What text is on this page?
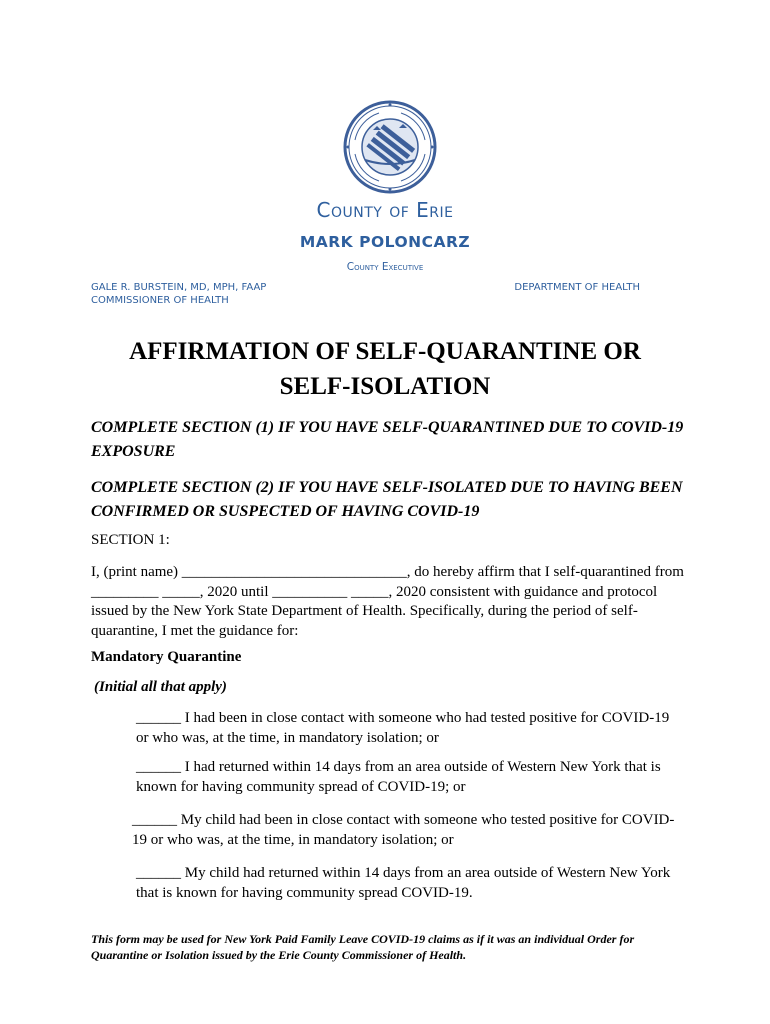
County of Erie
MARK POLONCARZ
County Executive
GALE R. BURSTEIN, MD, MPH, FAAP
COMMISSIONER OF HEALTH
DEPARTMENT OF HEALTH
AFFIRMATION OF SELF-QUARANTINE OR
SELF-ISOLATION
COMPLETE SECTION (1) IF YOU HAVE SELF-QUARANTINED DUE TO COVID-19 EXPOSURE
COMPLETE SECTION (2) IF YOU HAVE SELF-ISOLATED DUE TO HAVING BEEN CONFIRMED OR SUSPECTED OF HAVING COVID-19
SECTION 1:
I, (print name) ______________________________, do hereby affirm that I self-quarantined from _________ _____, 2020 until __________ _____, 2020 consistent with guidance and protocol issued by the New York State Department of Health. Specifically, during the period of self-quarantine, I met the guidance for:
Mandatory Quarantine
(Initial all that apply)
______ I had been in close contact with someone who had tested positive for COVID-19 or who was, at the time, in mandatory isolation; or
______ I had returned within 14 days from an area outside of Western New York that is known for having community spread of COVID-19; or
______ My child had been in close contact with someone who tested positive for COVID-19 or who was, at the time, in mandatory isolation; or
______ My child had returned within 14 days from an area outside of Western New York that is known for having community spread COVID-19.
This form may be used for New York Paid Family Leave COVID-19 claims as if it was an individual Order for Quarantine or Isolation issued by the Erie County Commissioner of Health.
